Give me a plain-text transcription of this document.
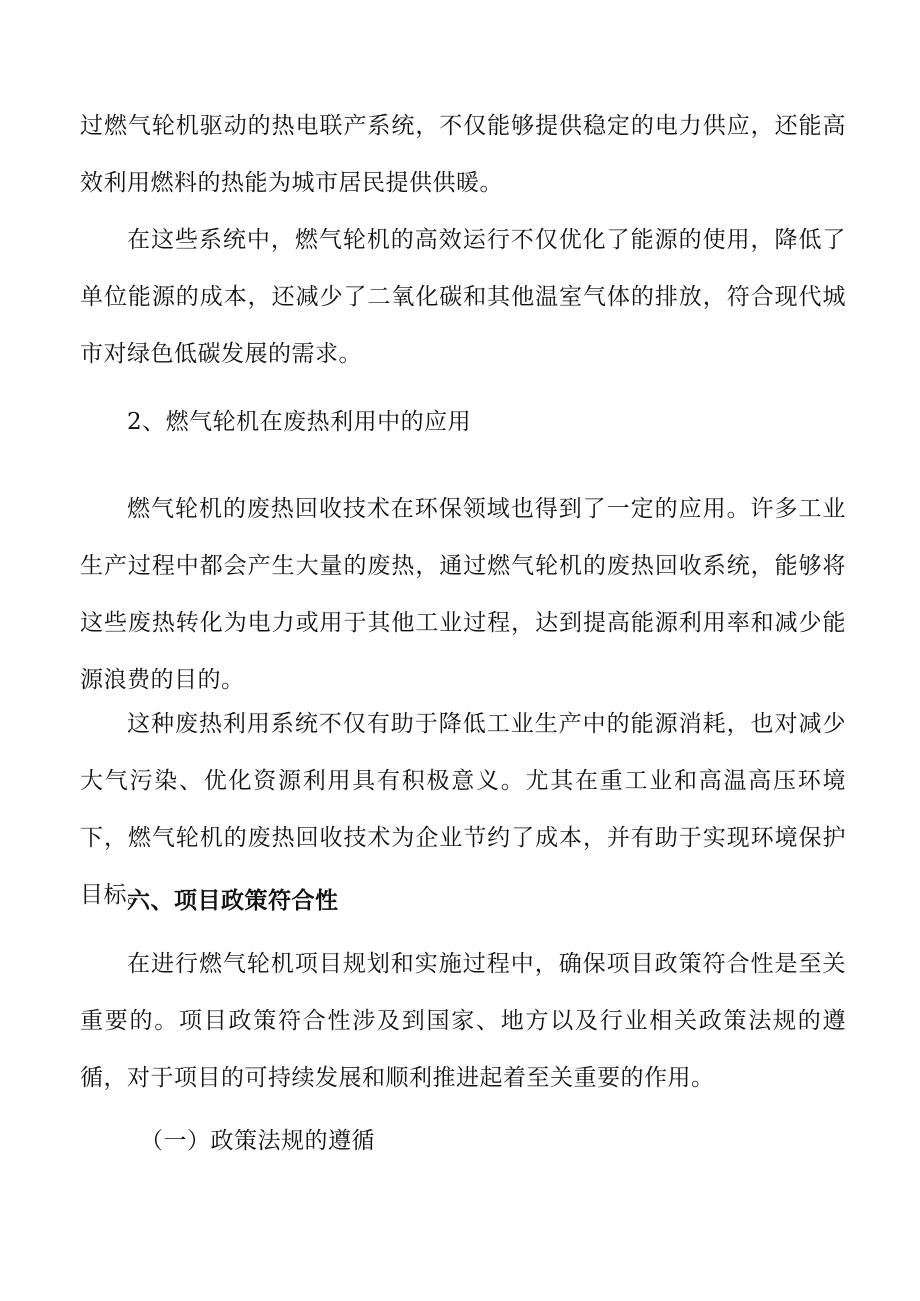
过燃气轮机驱动的热电联产系统，不仅能够提供稳定的电力供应，还能高效利用燃料的热能为城市居民提供供暖。

在这些系统中，燃气轮机的高效运行不仅优化了能源的使用，降低了单位能源的成本，还减少了二氧化碳和其他温室气体的排放，符合现代城市对绿色低碳发展的需求。

2、燃气轮机在废热利用中的应用

燃气轮机的废热回收技术在环保领域也得到了一定的应用。许多工业生产过程中都会产生大量的废热，通过燃气轮机的废热回收系统，能够将这些废热转化为电力或用于其他工业过程，达到提高能源利用率和减少能源浪费的目的。

这种废热利用系统不仅有助于降低工业生产中的能源消耗，也对减少大气污染、优化资源利用具有积极意义。尤其在重工业和高温高压环境下，燃气轮机的废热回收技术为企业节约了成本，并有助于实现环境保护目标。

六、项目政策符合性

在进行燃气轮机项目规划和实施过程中，确保项目政策符合性是至关重要的。项目政策符合性涉及到国家、地方以及行业相关政策法规的遵循，对于项目的可持续发展和顺利推进起着至关重要的作用。

（一）政策法规的遵循
